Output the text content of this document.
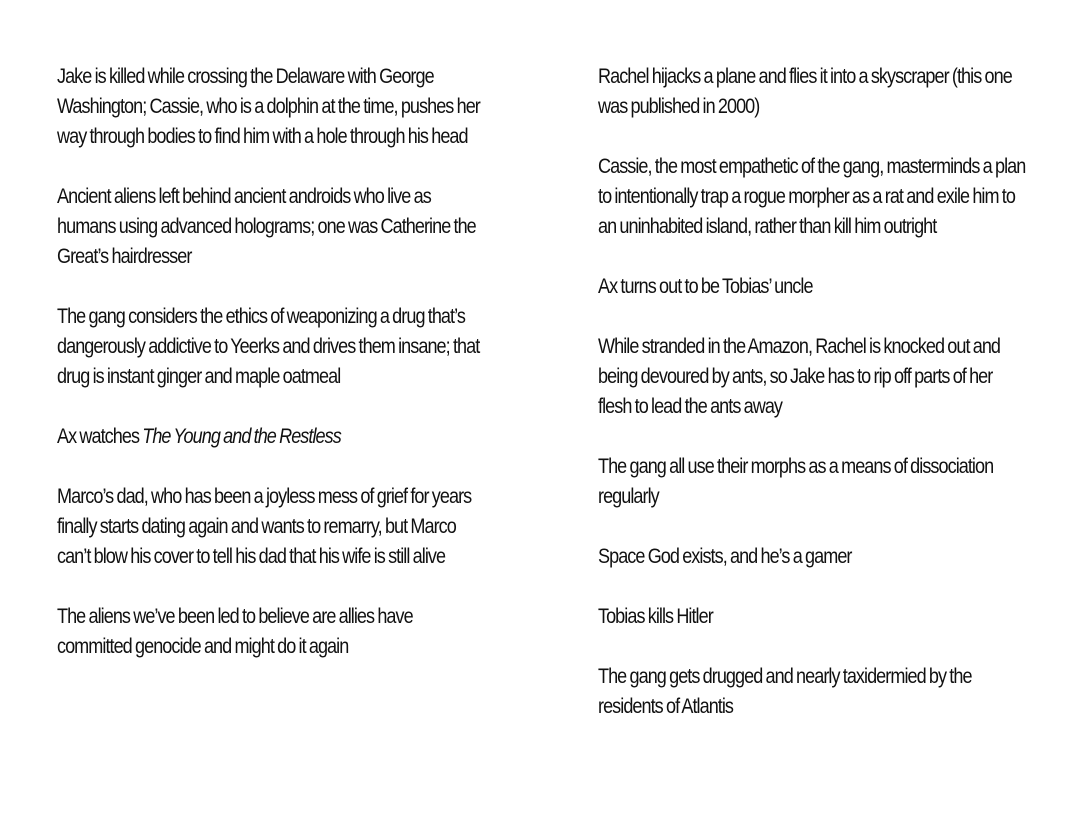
Jake is killed while crossing the Delaware with George Washington; Cassie, who is a dolphin at the time, pushes her way through bodies to find him with a hole through his head

Ancient aliens left behind ancient androids who live as humans using advanced holograms; one was Catherine the Great’s hairdresser

The gang considers the ethics of weaponizing a drug that’s dangerously addictive to Yeerks and drives them insane; that drug is instant ginger and maple oatmeal

Ax watches The Young and the Restless

Marco’s dad, who has been a joyless mess of grief for years finally starts dating again and wants to remarry, but Marco can’t blow his cover to tell his dad that his wife is still alive

The aliens we’ve been led to believe are allies have committed genocide and might do it again

Rachel hijacks a plane and flies it into a skyscraper (this one was published in 2000)

Cassie, the most empathetic of the gang, masterminds a plan to intentionally trap a rogue morpher as a rat and exile him to an uninhabited island, rather than kill him outright

Ax turns out to be Tobias’ uncle

While stranded in the Amazon, Rachel is knocked out and being devoured by ants, so Jake has to rip off parts of her flesh to lead the ants away

The gang all use their morphs as a means of dissociation regularly

Space God exists, and he’s a gamer

Tobias kills Hitler

The gang gets drugged and nearly taxidermied by the residents of Atlantis
